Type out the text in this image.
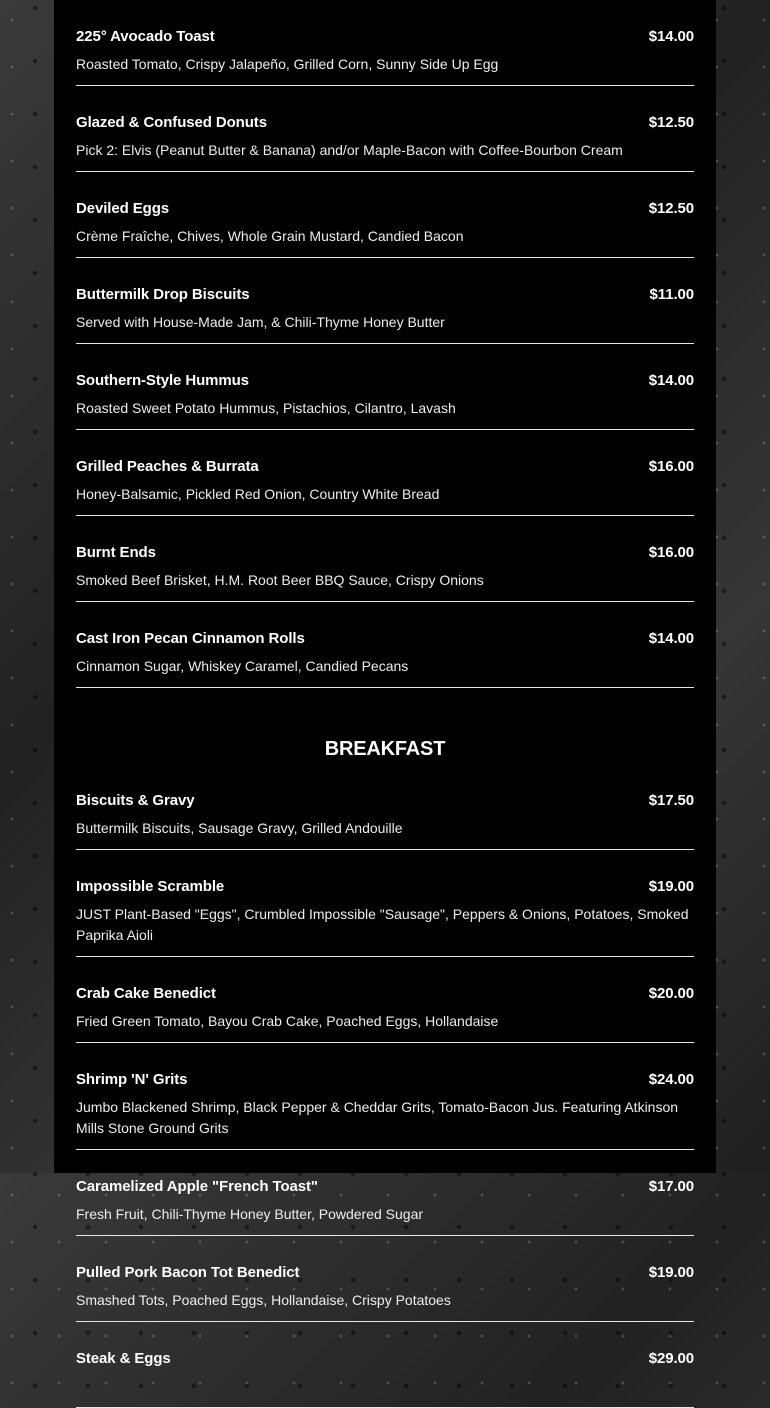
225° Avocado Toast	$14.00
Roasted Tomato, Crispy Jalapeño, Grilled Corn, Sunny Side Up Egg
Glazed & Confused Donuts	$12.50
Pick 2: Elvis (Peanut Butter & Banana) and/or Maple-Bacon with Coffee-Bourbon Cream
Deviled Eggs	$12.50
Crème Fraîche, Chives, Whole Grain Mustard, Candied Bacon
Buttermilk Drop Biscuits	$11.00
Served with House-Made Jam, & Chili-Thyme Honey Butter
Southern-Style Hummus	$14.00
Roasted Sweet Potato Hummus, Pistachios, Cilantro, Lavash
Grilled Peaches & Burrata	$16.00
Honey-Balsamic, Pickled Red Onion, Country White Bread
Burnt Ends	$16.00
Smoked Beef Brisket, H.M. Root Beer BBQ Sauce, Crispy Onions
Cast Iron Pecan Cinnamon Rolls	$14.00
Cinnamon Sugar, Whiskey Caramel, Candied Pecans
BREAKFAST
Biscuits & Gravy	$17.50
Buttermilk Biscuits, Sausage Gravy, Grilled Andouille
Impossible Scramble	$19.00
JUST Plant-Based "Eggs", Crumbled Impossible "Sausage", Peppers & Onions, Potatoes, Smoked Paprika Aioli
Crab Cake Benedict	$20.00
Fried Green Tomato, Bayou Crab Cake, Poached Eggs, Hollandaise
Shrimp 'N' Grits	$24.00
Jumbo Blackened Shrimp, Black Pepper & Cheddar Grits, Tomato-Bacon Jus. Featuring Atkinson Mills Stone Ground Grits
Caramelized Apple "French Toast"	$17.00
Fresh Fruit, Chili-Thyme Honey Butter, Powdered Sugar
Pulled Pork Bacon Tot Benedict	$19.00
Smashed Tots, Poached Eggs, Hollandaise, Crispy Potatoes
Steak & Eggs	$29.00
